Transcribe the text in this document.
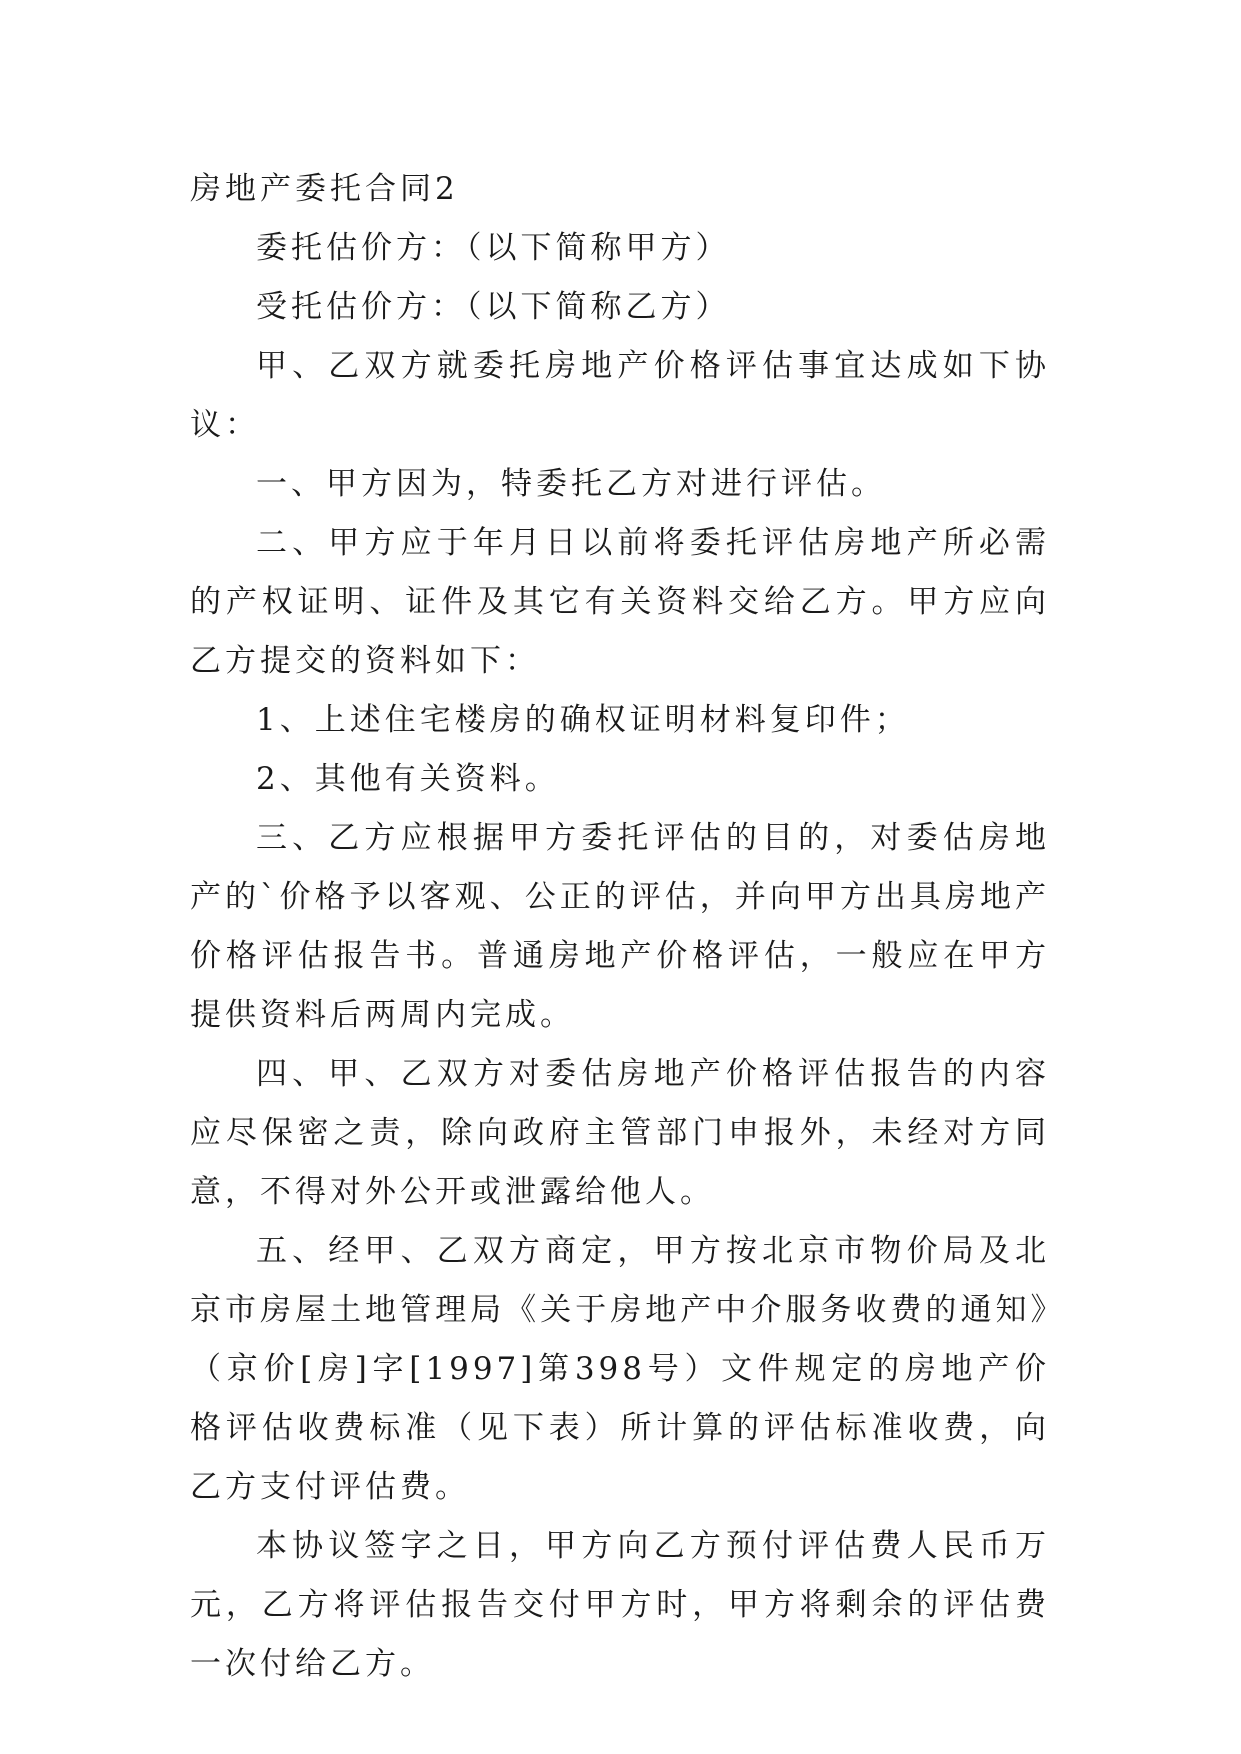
房地产委托合同2

委托估价方：（以下简称甲方）

受托估价方：（以下简称乙方）

甲、乙双方就委托房地产价格评估事宜达成如下协议：

一、甲方因为，特委托乙方对进行评估。

二、甲方应于年月日以前将委托评估房地产所必需的产权证明、证件及其它有关资料交给乙方。甲方应向乙方提交的资料如下：

1、上述住宅楼房的确权证明材料复印件；

2、其他有关资料。

三、乙方应根据甲方委托评估的目的，对委估房地产的`价格予以客观、公正的评估，并向甲方出具房地产价格评估报告书。普通房地产价格评估，一般应在甲方提供资料后两周内完成。

四、甲、乙双方对委估房地产价格评估报告的内容应尽保密之责，除向政府主管部门申报外，未经对方同意，不得对外公开或泄露给他人。

五、经甲、乙双方商定，甲方按北京市物价局及北京市房屋土地管理局《关于房地产中介服务收费的通知》（京价[房]字[1997]第398号）文件规定的房地产价格评估收费标准（见下表）所计算的评估标准收费，向乙方支付评估费。

本协议签字之日，甲方向乙方预付评估费人民币万元，乙方将评估报告交付甲方时，甲方将剩余的评估费一次付给乙方。
